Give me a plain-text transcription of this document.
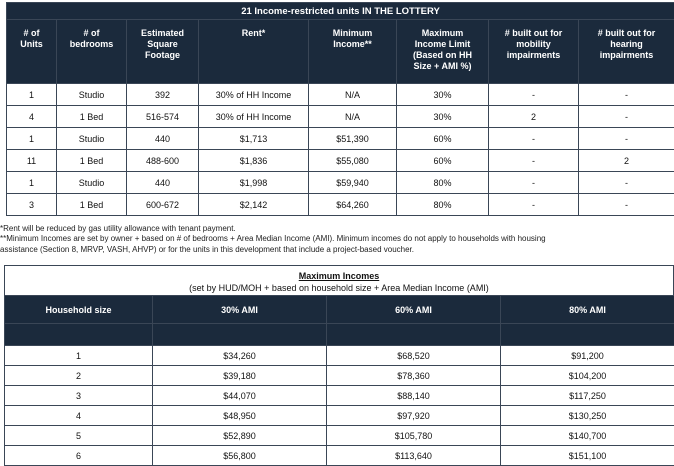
21 Income-restricted units IN THE LOTTERY							
# of
Units	# of
bedrooms	Estimated
Square
Footage	Rent*	Minimum
Income**	Maximum
Income Limit
(Based on HH
Size + AMI %)	# built out for
mobility
impairments	# built out for
hearing
impairments
1	Studio	392	30% of HH Income	N/A	30%	-	-
4	1 Bed	516-574	30% of HH Income	N/A	30%	2	-
1	Studio	440	$1,713	$51,390	60%	-	-
11	1 Bed	488-600	$1,836	$55,080	60%	-	2
1	Studio	440	$1,998	$59,940	80%	-	-
3	1 Bed	600-672	$2,142	$64,260	80%	-	-
*Rent will be reduced by gas utility allowance with tenant payment.
**Minimum Incomes are set by owner + based on # of bedrooms + Area Median Income (AMI). Minimum incomes do not apply to households with housing
assistance (Section 8, MRVP, VASH, AHVP) or for the units in this development that include a project-based voucher.
Maximum Incomes
(set by HUD/MOH + based on household size + Area Median Income (AMI)
Household size	30% AMI	60% AMI	80% AMI

1	$34,260	$68,520	$91,200
2	$39,180	$78,360	$104,200
3	$44,070	$88,140	$117,250
4	$48,950	$97,920	$130,250
5	$52,890	$105,780	$140,700
6	$56,800	$113,640	$151,100
